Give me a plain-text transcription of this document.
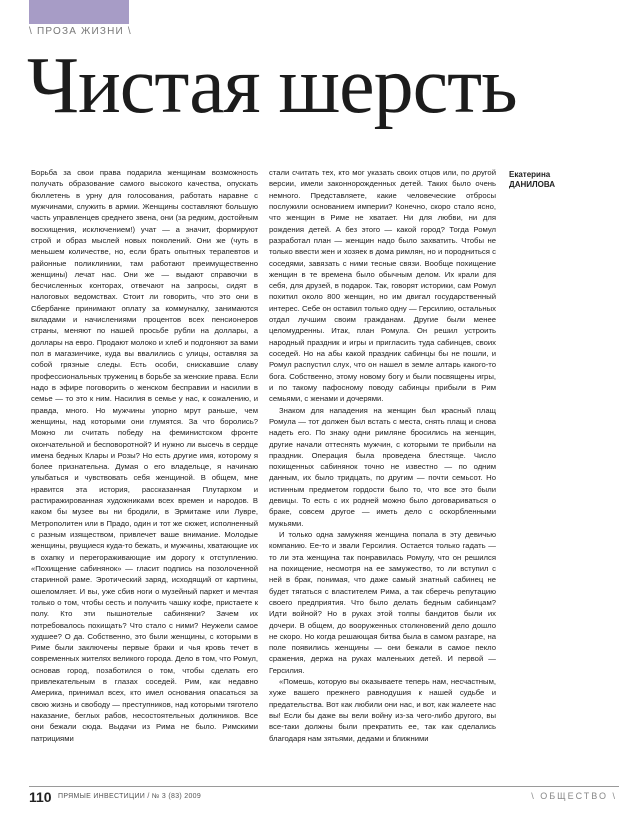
\ ПРОЗА ЖИЗНИ \
Чистая шерсть

Борьба за свои права подарила женщинам возможность получать образование самого высокого качества, опускать бюллетень в урну для голосования, работать наравне с мужчинами, служить в армии. Женщины составляют большую часть управленцев среднего звена, они (за редким, достойным восхищения, исключением!) учат — а значит, формируют строй и образ мыслей новых поколений. Они же (чуть в меньшем количестве, но, если брать опытных терапевтов и районные поликлиники, там работают преимущественно женщины) лечат нас. Они же — выдают справочки в бесчисленных конторах, отвечают на запросы, сидят в налоговых ведомствах. Стоит ли говорить, что это они в Сбербанке принимают оплату за коммуналку, занимаются вкладами и начислениями процентов всех пенсионеров страны, меняют по нашей просьбе рубли на доллары, а доллары на евро. Продают молоко и хлеб и подгоняют за вами пол в магазинчике, куда вы ввалились с улицы, оставляя за собой грязные следы. Есть особи, снискавшие славу профессиональных тружениц в борьбе за женские права. Если надо в эфире поговорить о женском бесправии и насилии в семье — то это к ним. Насилия в семье у нас, к сожалению, и правда, много. Но мужчины упорно мрут раньше, чем женщины, над которыми они глумятся. За что боролись? Можно ли считать победу на феминистском фронте окончательной и бесповоротной? И нужно ли высечь в сердце имена бедных Клары и Розы? Но есть другие имя, которому я более признательна. Думая о его владельце, я начинаю улыбаться и чувствовать себя женщиной. В общем, мне нравится эта история, рассказанная Плутархом и растиражированная художниками всех времен и народов. В каком бы музее вы ни бродили, в Эрмитаже или Лувре, Метрополитен или в Прадо, один и тот же сюжет, исполненный с разным изяществом, привлечет ваше внимание. Молодые женщины, рвущиеся куда-то бежать, и мужчины, хватающие их в охапку и перегораживающие им дорогу к отступлению. «Похищение сабинянок» — гласит подпись на позолоченной старинной раме. Эротический заряд, исходящий от картины, ошеломляет. И вы, уже сбив ноги о музейный паркет и мечтая только о том, чтобы сесть и получить чашку кофе, пристаете к полу. Кто эти пышнотелые сабинянки? Зачем их потребовалось похищать? Что стало с ними? Неужели самое худшее? О да. Собственно, это были женщины, с которыми в Риме были заключены первые браки и чья кровь течет в современных жителях великого города. Дело в том, что Ромул, основав город, позаботился о том, чтобы сделать его привлекательным в глазах соседей. Рим, как недавно Америка, принимал всех, кто имел основания опасаться за свою жизнь и свободу — преступников, над которыми тяготело наказание, беглых рабов, несостоятельных должников. Все они бежали сюда. Выдачи из Рима не было. Римскими патрициями

стали считать тех, кто мог указать своих отцов или, по другой версии, имели законнорожденных детей. Таких было очень немного. Представляете, какие человеческие отбросы послужили основанием империи? Конечно, скоро стало ясно, что женщин в Риме не хватает. Ни для любви, ни для рождения детей. А без этого — какой город? Тогда Ромул разработал план — женщин надо было захватить. Чтобы не только ввести жен и хозяек в дома римлян, но и породниться с соседями, завязать с ними тесные связи. Вообще похищение женщин в те времена было обычным делом. Их крали для себя, для друзей, в подарок. Так, говорят историки, сам Ромул похитил около 800 женщин, но им двигал государственный интерес. Себе он оставил только одну — Герсилию, остальных отдал лучшим своим гражданам. Другие были менее целомудренны. Итак, план Ромула. Он решил устроить народный праздник и игры и пригласить туда сабинцев, своих соседей. Но на абы какой праздник сабинцы бы не пошли, и Ромул распустил слух, что он нашел в земле алтарь какого-то бога. Собственно, этому новому богу и были посвящены игры, и по такому пафосному поводу сабинцы прибыли в Рим семьями, с женами и дочерями.

Знаком для нападения на женщин был красный плащ Ромула — тот должен был встать с места, снять плащ и снова надеть его. По знаку одни римляне бросились на женщин, другие начали оттеснять мужчин, с которыми те прибыли на праздник. Операция была проведена блестяще. Число похищенных сабинянок точно не известно — по одним данным, их было тридцать, по другим — почти семьсот. Но истинным предметом гордости было то, что все это были девицы. То есть с их родней можно было договариваться о браке, совсем другое — иметь дело с оскорбленными мужьями.

И только одна замужняя женщина попала в эту девичью компанию. Ее-то и звали Герсилия. Остается только гадать — то ли эта женщина так понравилась Ромулу, что он решился на похищение, несмотря на ее замужество, то ли вступил с ней в брак, понимая, что даже самый знатный сабинец не будет тягаться с властителем Рима, а так сберечь репутацию своего предприятия. Что было делать бедным сабинцам? Идти войной? Но в руках этой толпы бандитов были их дочери. В общем, до вооруженных столкновений дело дошло не скоро. Но когда решающая битва была в самом разгаре, на поле появились женщины — они бежали в самое пекло сражения, держа на руках маленьких детей. И первой — Герсилия.

«Помешь, которую вы оказываете теперь нам, несчастным, хуже вашего прежнего равнодушия к нашей судьбе и предательства. Вот как любили они нас, и вот, как жалеете нас вы! Если бы даже вы вели войну из-за чего-либо другого, вы все-таки должны были прекратить ее, так как сделались благодаря нам зятьями, дедами и ближними

Екатерина
ДАНИЛОВА
110 ПРЯМЫЕ ИНВЕСТИЦИИ / № 3 (83) 2009	\ ОБЩЕСТВО \
